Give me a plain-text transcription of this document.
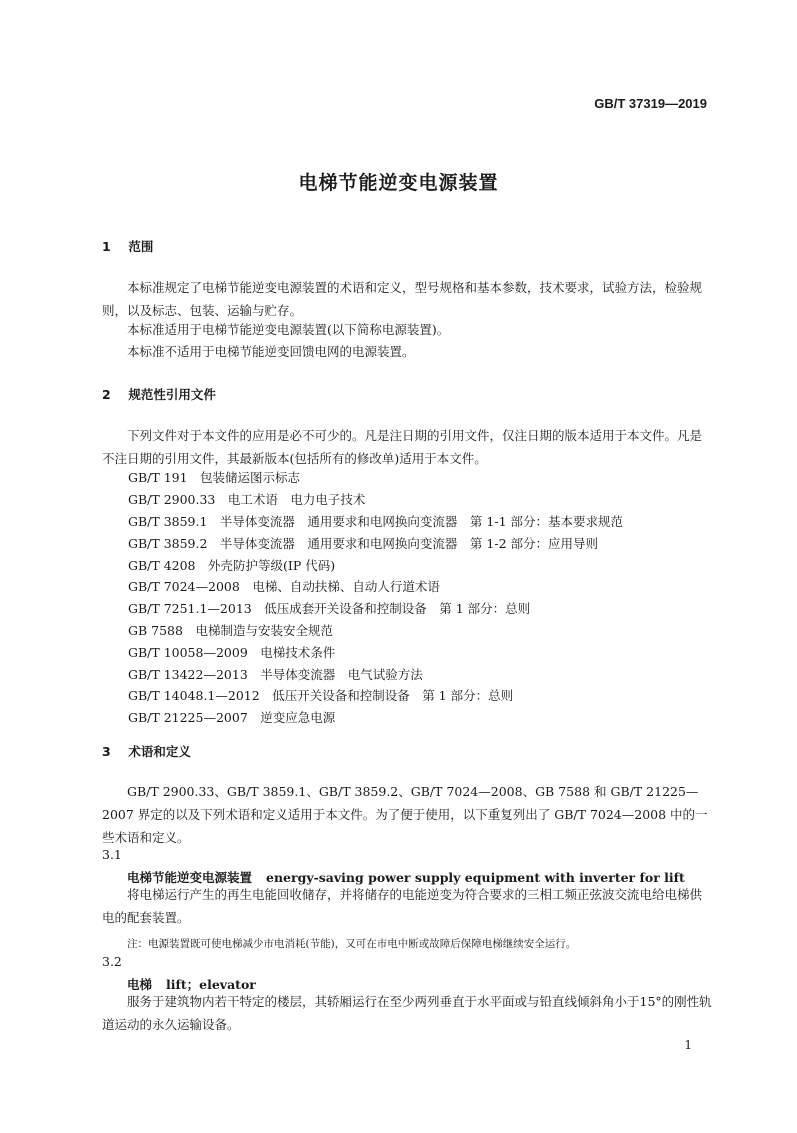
GB/T 37319—2019
电梯节能逆变电源装置
1 范围

本标准规定了电梯节能逆变电源装置的术语和定义，型号规格和基本参数，技术要求，试验方法，检验规则，以及标志、包装、运输与贮存。

本标准适用于电梯节能逆变电源装置(以下简称电源装置)。

本标准不适用于电梯节能逆变回馈电网的电源装置。

2 规范性引用文件

下列文件对于本文件的应用是必不可少的。凡是注日期的引用文件，仅注日期的版本适用于本文件。凡是不注日期的引用文件，其最新版本(包括所有的修改单)适用于本文件。

GB/T 191　包装储运图示标志
GB/T 2900.33　电工术语　电力电子技术
GB/T 3859.1　半导体变流器　通用要求和电网换向变流器　第 1-1 部分：基本要求规范
GB/T 3859.2　半导体变流器　通用要求和电网换向变流器　第 1-2 部分：应用导则
GB/T 4208　外壳防护等级(IP 代码)
GB/T 7024—2008　电梯、自动扶梯、自动人行道术语
GB/T 7251.1—2013　低压成套开关设备和控制设备　第 1 部分：总则
GB 7588　电梯制造与安装安全规范
GB/T 10058—2009　电梯技术条件
GB/T 13422—2013　半导体变流器　电气试验方法
GB/T 14048.1—2012　低压开关设备和控制设备　第 1 部分：总则
GB/T 21225—2007　逆变应急电源
3 术语和定义

GB/T 2900.33、GB/T 3859.1、GB/T 3859.2、GB/T 7024—2008、GB 7588 和 GB/T 21225—2007 界定的以及下列术语和定义适用于本文件。为了便于使用，以下重复列出了 GB/T 7024—2008 中的一些术语和定义。

3.1
电梯节能逆变电源装置 energy-saving power supply equipment with inverter for lift

将电梯运行产生的再生电能回收储存，并将储存的电能逆变为符合要求的三相工频正弦波交流电给电梯供电的配套装置。

注：电源装置既可使电梯减少市电消耗(节能)，又可在市电中断或故障后保障电梯继续安全运行。
3.2
电梯 lift；elevator

服务于建筑物内若干特定的楼层，其轿厢运行在至少两列垂直于水平面或与铅直线倾斜角小于15°的刚性轨道运动的永久运输设备。

1
